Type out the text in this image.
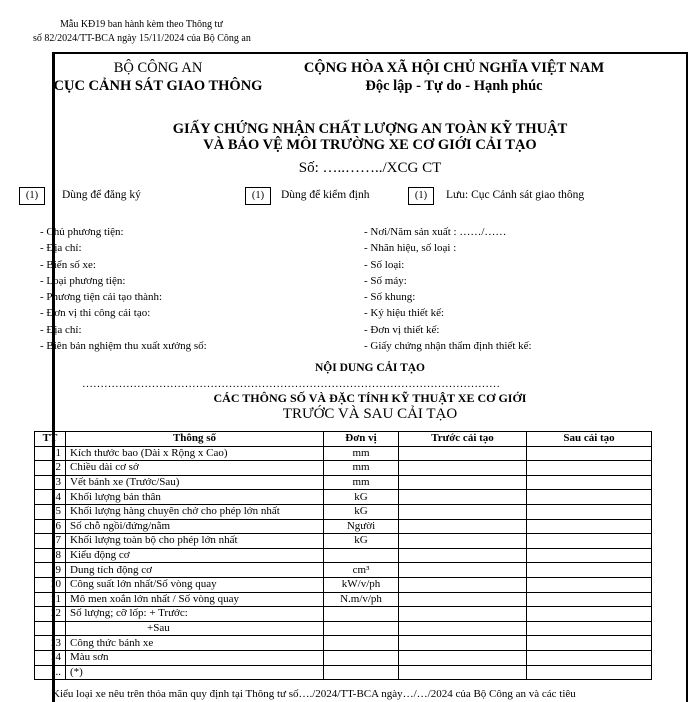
Mẫu KĐ19 ban hành kèm theo Thông tư
số 82/2024/TT-BCA ngày 15/11/2024 của Bộ Công an
BỘ CÔNG AN
CỤC CẢNH SÁT GIAO THÔNG
CỘNG HÒA XÃ HỘI CHỦ NGHĨA VIỆT NAM
Độc lập - Tự do - Hạnh phúc
GIẤY CHỨNG NHẬN CHẤT LƯỢNG AN TOÀN KỸ THUẬT
VÀ BẢO VỆ MÔI TRƯỜNG XE CƠ GIỚI CẢI TẠO
Số: …..……../XCG CT
(1)	Dùng để đăng ký	(1)	Dùng để kiểm định	(1)	Lưu: Cục Cảnh sát giao thông
- Chủ phương tiện:
- Địa chỉ:
- Biển số xe:
- Loại phương tiện:
- Phương tiện cải tạo thành:
- Đơn vị thi công cải tạo:
- Địa chỉ:
- Biên bản nghiệm thu xuất xưởng số:
- Nơi/Năm sản xuất : ……/……
- Nhãn hiệu, số loại :
- Số loại:
- Số máy:
- Số khung:
- Ký hiệu thiết kế:
- Đơn vị thiết kế:
- Giấy chứng nhận thẩm định thiết kế:
NỘI DUNG CẢI TẠO
……………………………………………………………………………………………………
CÁC THÔNG SỐ VÀ ĐẶC TÍNH KỸ THUẬT XE CƠ GIỚI
TRƯỚC VÀ SAU CẢI TẠO
TT	Thông số	Đơn vị	Trước cải tạo	Sau cải tạo
1	Kích thước bao (Dài x Rộng x Cao)	mm		
2	Chiều dài cơ sở	mm		
3	Vết bánh xe (Trước/Sau)	mm		
4	Khối lượng bản thân	kG		
5	Khối lượng hàng chuyên chở cho phép lớn nhất	kG		
6	Số chỗ ngồi/đứng/nằm	Người		
7	Khối lượng toàn bộ cho phép lớn nhất	kG		
8	Kiểu động cơ			
9	Dung tích động cơ	cm³		
10	Công suất lớn nhất/Số vòng quay	kW/v/ph		
11	Mô men xoắn lớn nhất / Số vòng quay	N.m/v/ph		
12	Số lượng; cỡ lốp: + Trước:			
	+Sau			
13	Công thức bánh xe			
14	Màu sơn			
...	(*)			
Kiểu loại xe nêu trên thỏa mãn quy định tại Thông tư số…./2024/TT-BCA ngày…/…/2024 của Bộ Công an và các tiêu
